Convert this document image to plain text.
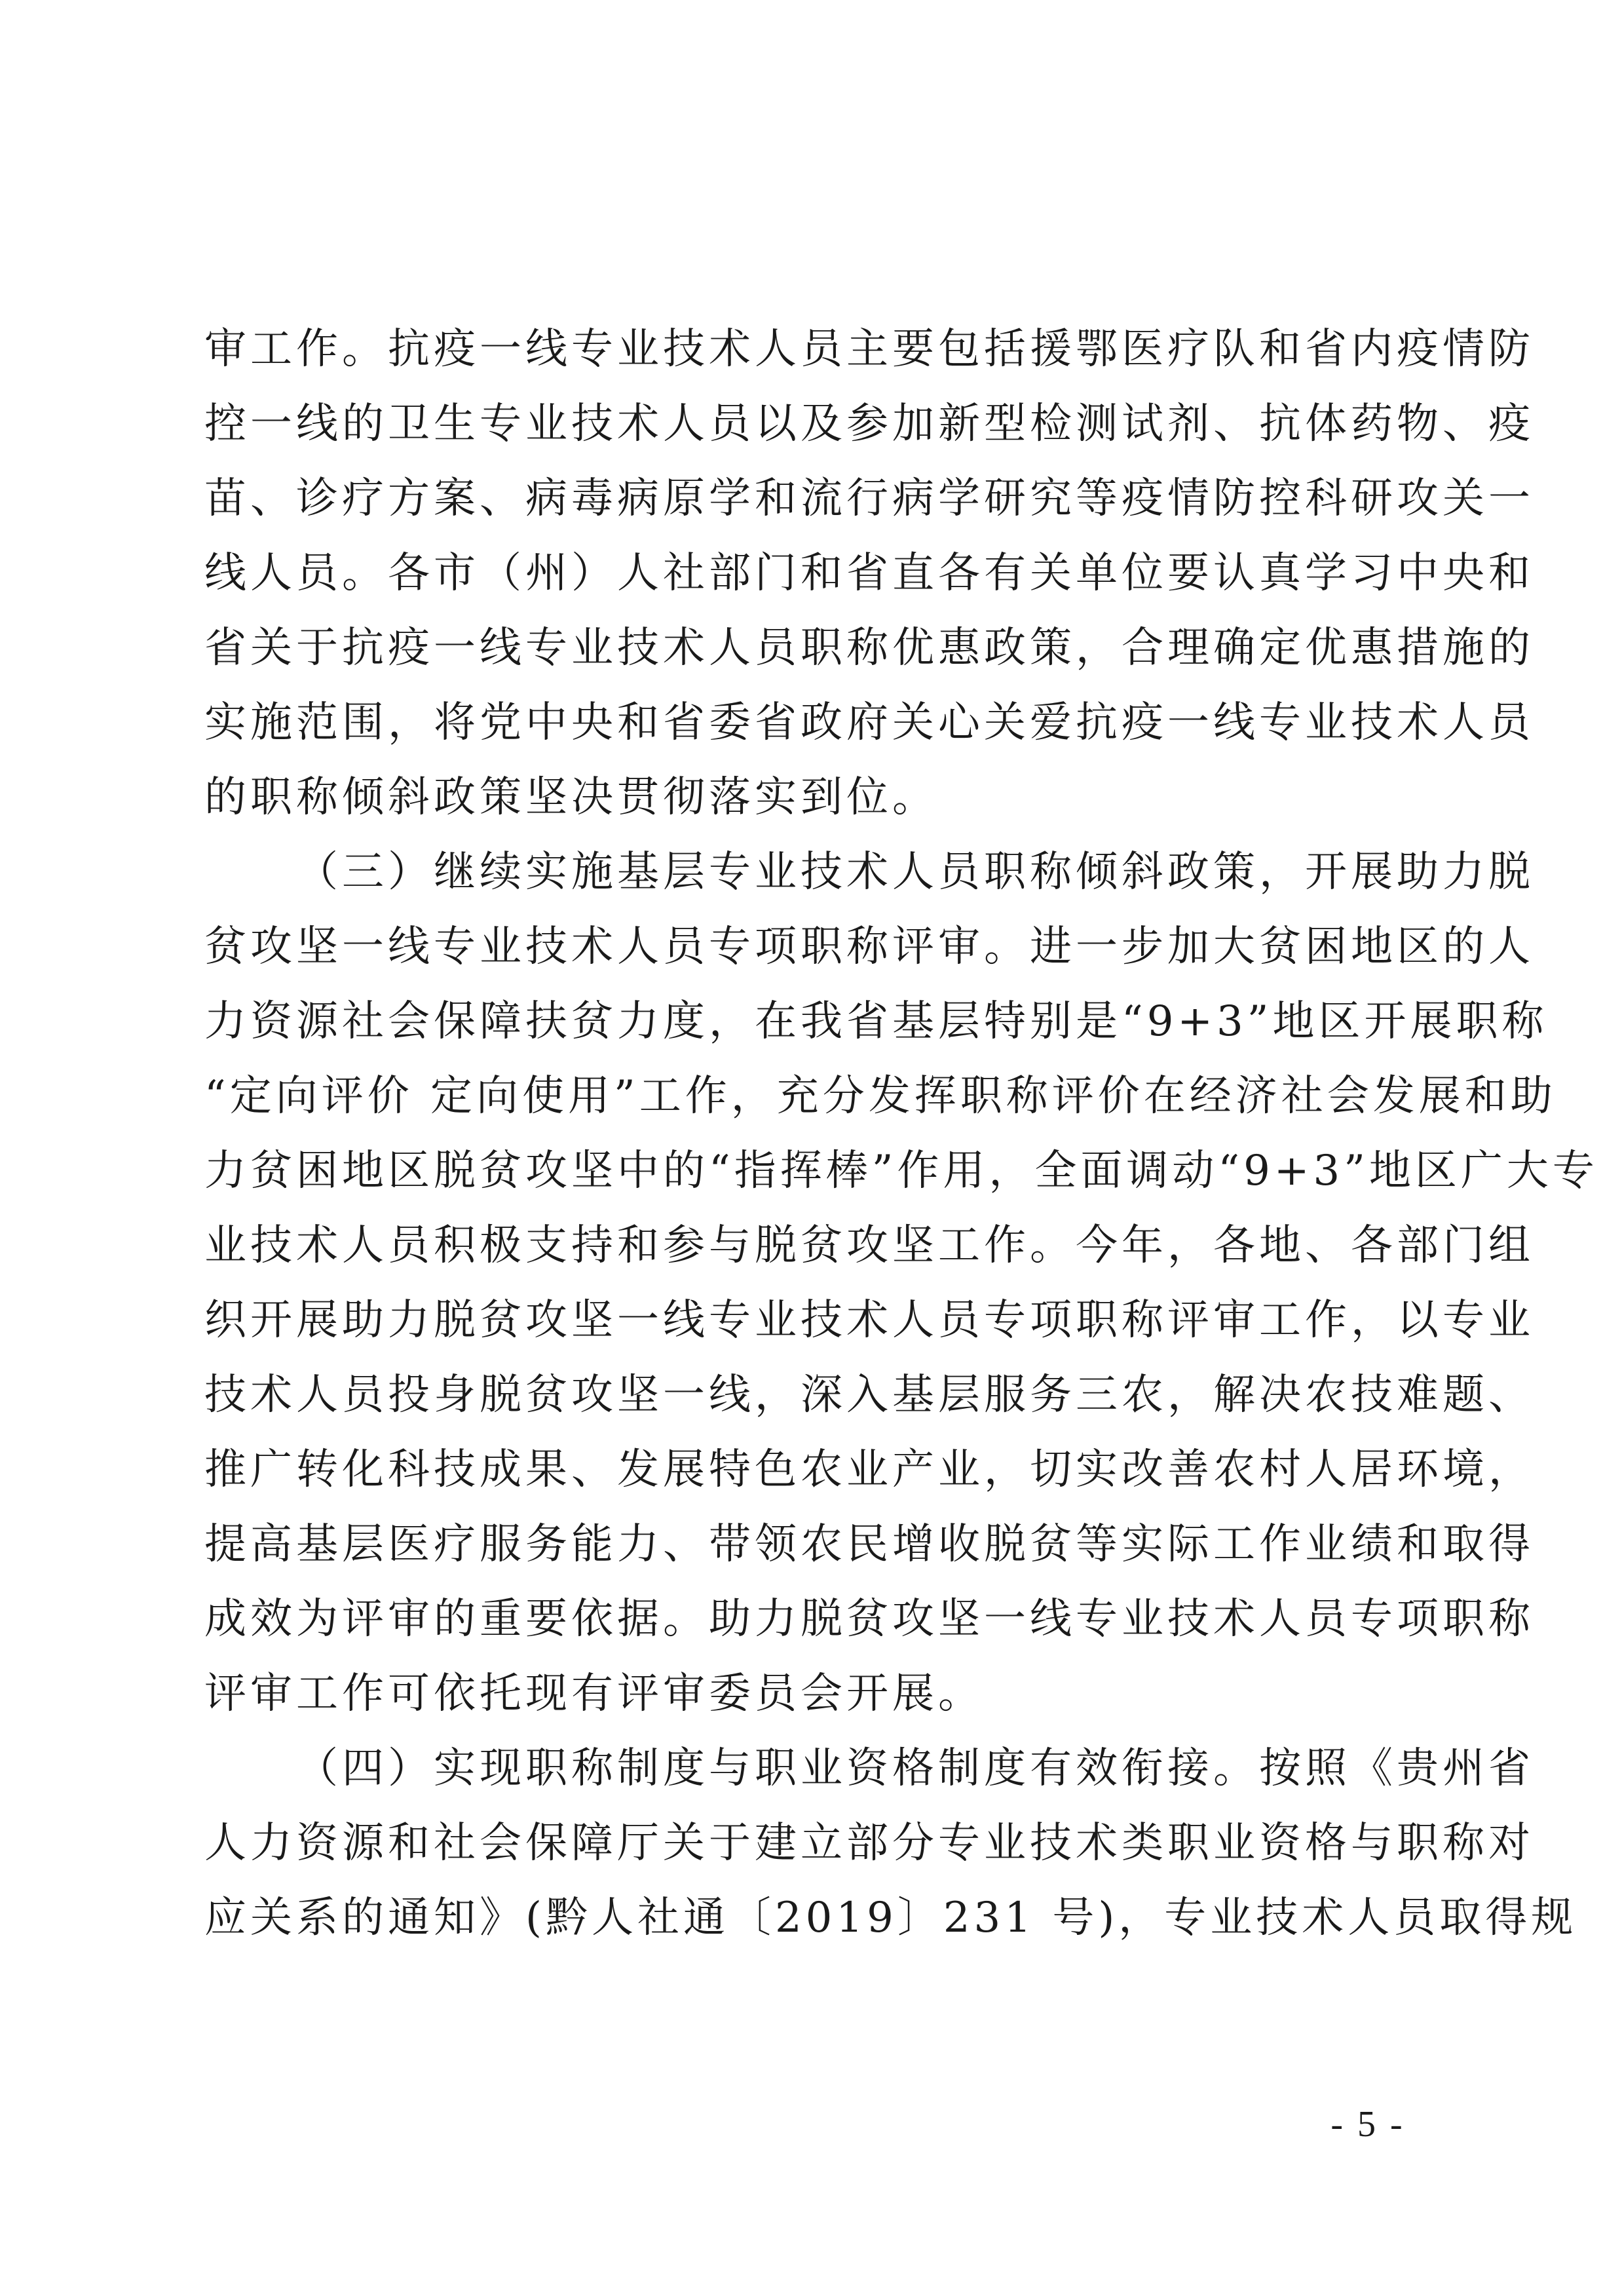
审工作。抗疫一线专业技术人员主要包括援鄂医疗队和省内疫情防
控一线的卫生专业技术人员以及参加新型检测试剂、抗体药物、疫
苗、诊疗方案、病毒病原学和流行病学研究等疫情防控科研攻关一
线人员。各市（州）人社部门和省直各有关单位要认真学习中央和
省关于抗疫一线专业技术人员职称优惠政策，合理确定优惠措施的
实施范围，将党中央和省委省政府关心关爱抗疫一线专业技术人员
的职称倾斜政策坚决贯彻落实到位。
（三）继续实施基层专业技术人员职称倾斜政策，开展助力脱
贫攻坚一线专业技术人员专项职称评审。进一步加大贫困地区的人
力资源社会保障扶贫力度，在我省基层特别是“9+3”地区开展职称
“定向评价 定向使用”工作，充分发挥职称评价在经济社会发展和助
力贫困地区脱贫攻坚中的“指挥棒”作用，全面调动“9+3”地区广大专
业技术人员积极支持和参与脱贫攻坚工作。今年，各地、各部门组
织开展助力脱贫攻坚一线专业技术人员专项职称评审工作，以专业
技术人员投身脱贫攻坚一线，深入基层服务三农，解决农技难题、
推广转化科技成果、发展特色农业产业，切实改善农村人居环境，
提高基层医疗服务能力、带领农民增收脱贫等实际工作业绩和取得
成效为评审的重要依据。助力脱贫攻坚一线专业技术人员专项职称
评审工作可依托现有评审委员会开展。
（四）实现职称制度与职业资格制度有效衔接。按照《贵州省
人力资源和社会保障厅关于建立部分专业技术类职业资格与职称对
应关系的通知》(黔人社通〔2019〕231 号)，专业技术人员取得规
- 5 -
